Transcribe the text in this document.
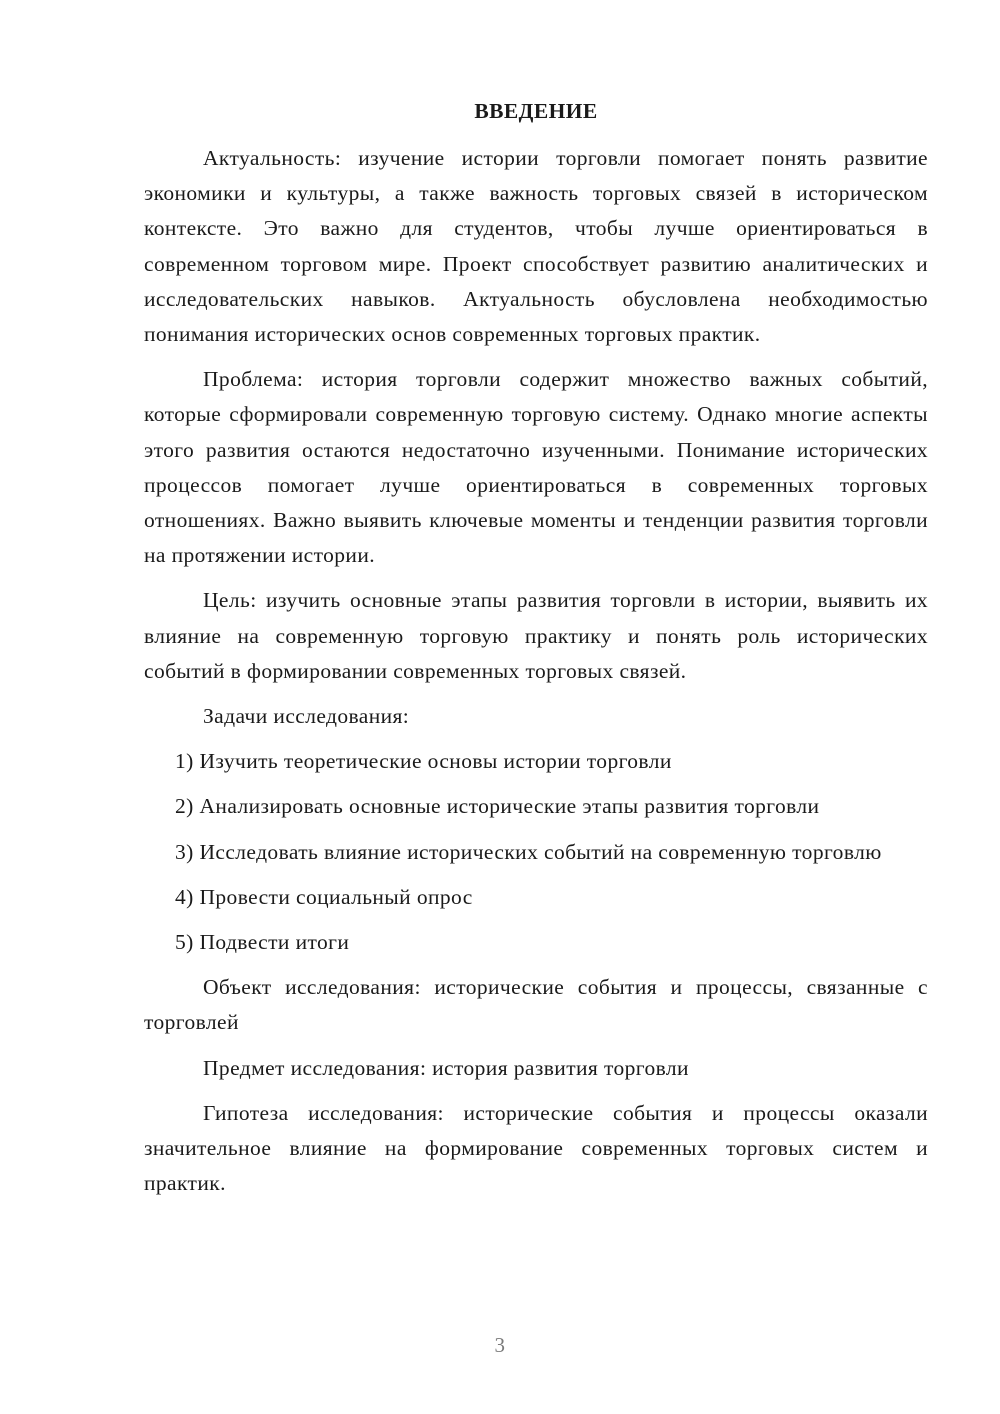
ВВЕДЕНИЕ

Актуальность: изучение истории торговли помогает понять развитие экономики и культуры, а также важность торговых связей в историческом контексте. Это важно для студентов, чтобы лучше ориентироваться в современном торговом мире. Проект способствует развитию аналитических и исследовательских навыков. Актуальность обусловлена необходимостью понимания исторических основ современных торговых практик.

Проблема: история торговли содержит множество важных событий, которые сформировали современную торговую систему. Однако многие аспекты этого развития остаются недостаточно изученными. Понимание исторических процессов помогает лучше ориентироваться в современных торговых отношениях. Важно выявить ключевые моменты и тенденции развития торговли на протяжении истории.

Цель: изучить основные этапы развития торговли в истории, выявить их влияние на современную торговую практику и понять роль исторических событий в формировании современных торговых связей.

Задачи исследования:

1) Изучить теоретические основы истории торговли

2) Анализировать основные исторические этапы развития торговли

3) Исследовать влияние исторических событий на современную торговлю

4) Провести социальный опрос

5) Подвести итоги

Объект исследования: исторические события и процессы, связанные с торговлей

Предмет исследования: история развития торговли

Гипотеза исследования: исторические события и процессы оказали значительное влияние на формирование современных торговых систем и практик.

3
